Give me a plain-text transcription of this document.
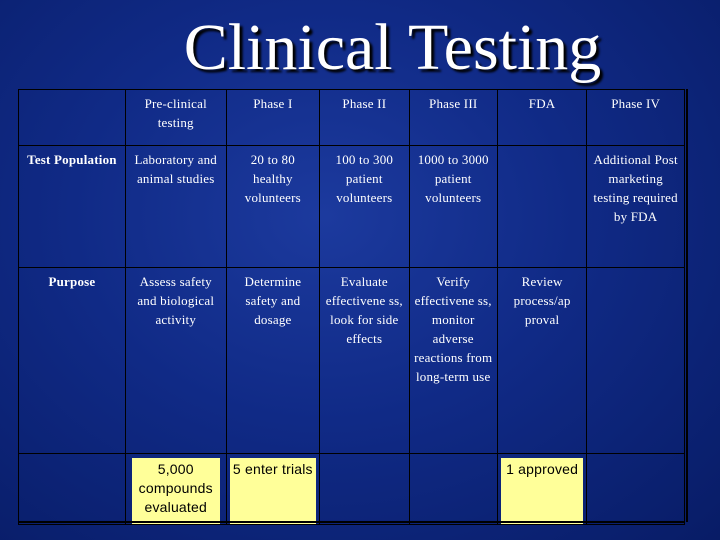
Clinical Testing
	Pre-clinical testing	Phase I	Phase II	Phase III	FDA	Phase IV
Test Population	Laboratory and animal studies	20 to 80 healthy volunteers	100 to 300 patient volunteers	1000 to 3000 patient volunteers		Additional Post marketing testing required by FDA
Purpose	Assess safety and biological activity	Determine safety and dosage	Evaluate effectivene ss, look for side effects	Verify effectivene ss, monitor adverse reactions from long-term use	Review process/ap proval	

	5,000 compounds evaluated	5 enter trials			1 approved	
